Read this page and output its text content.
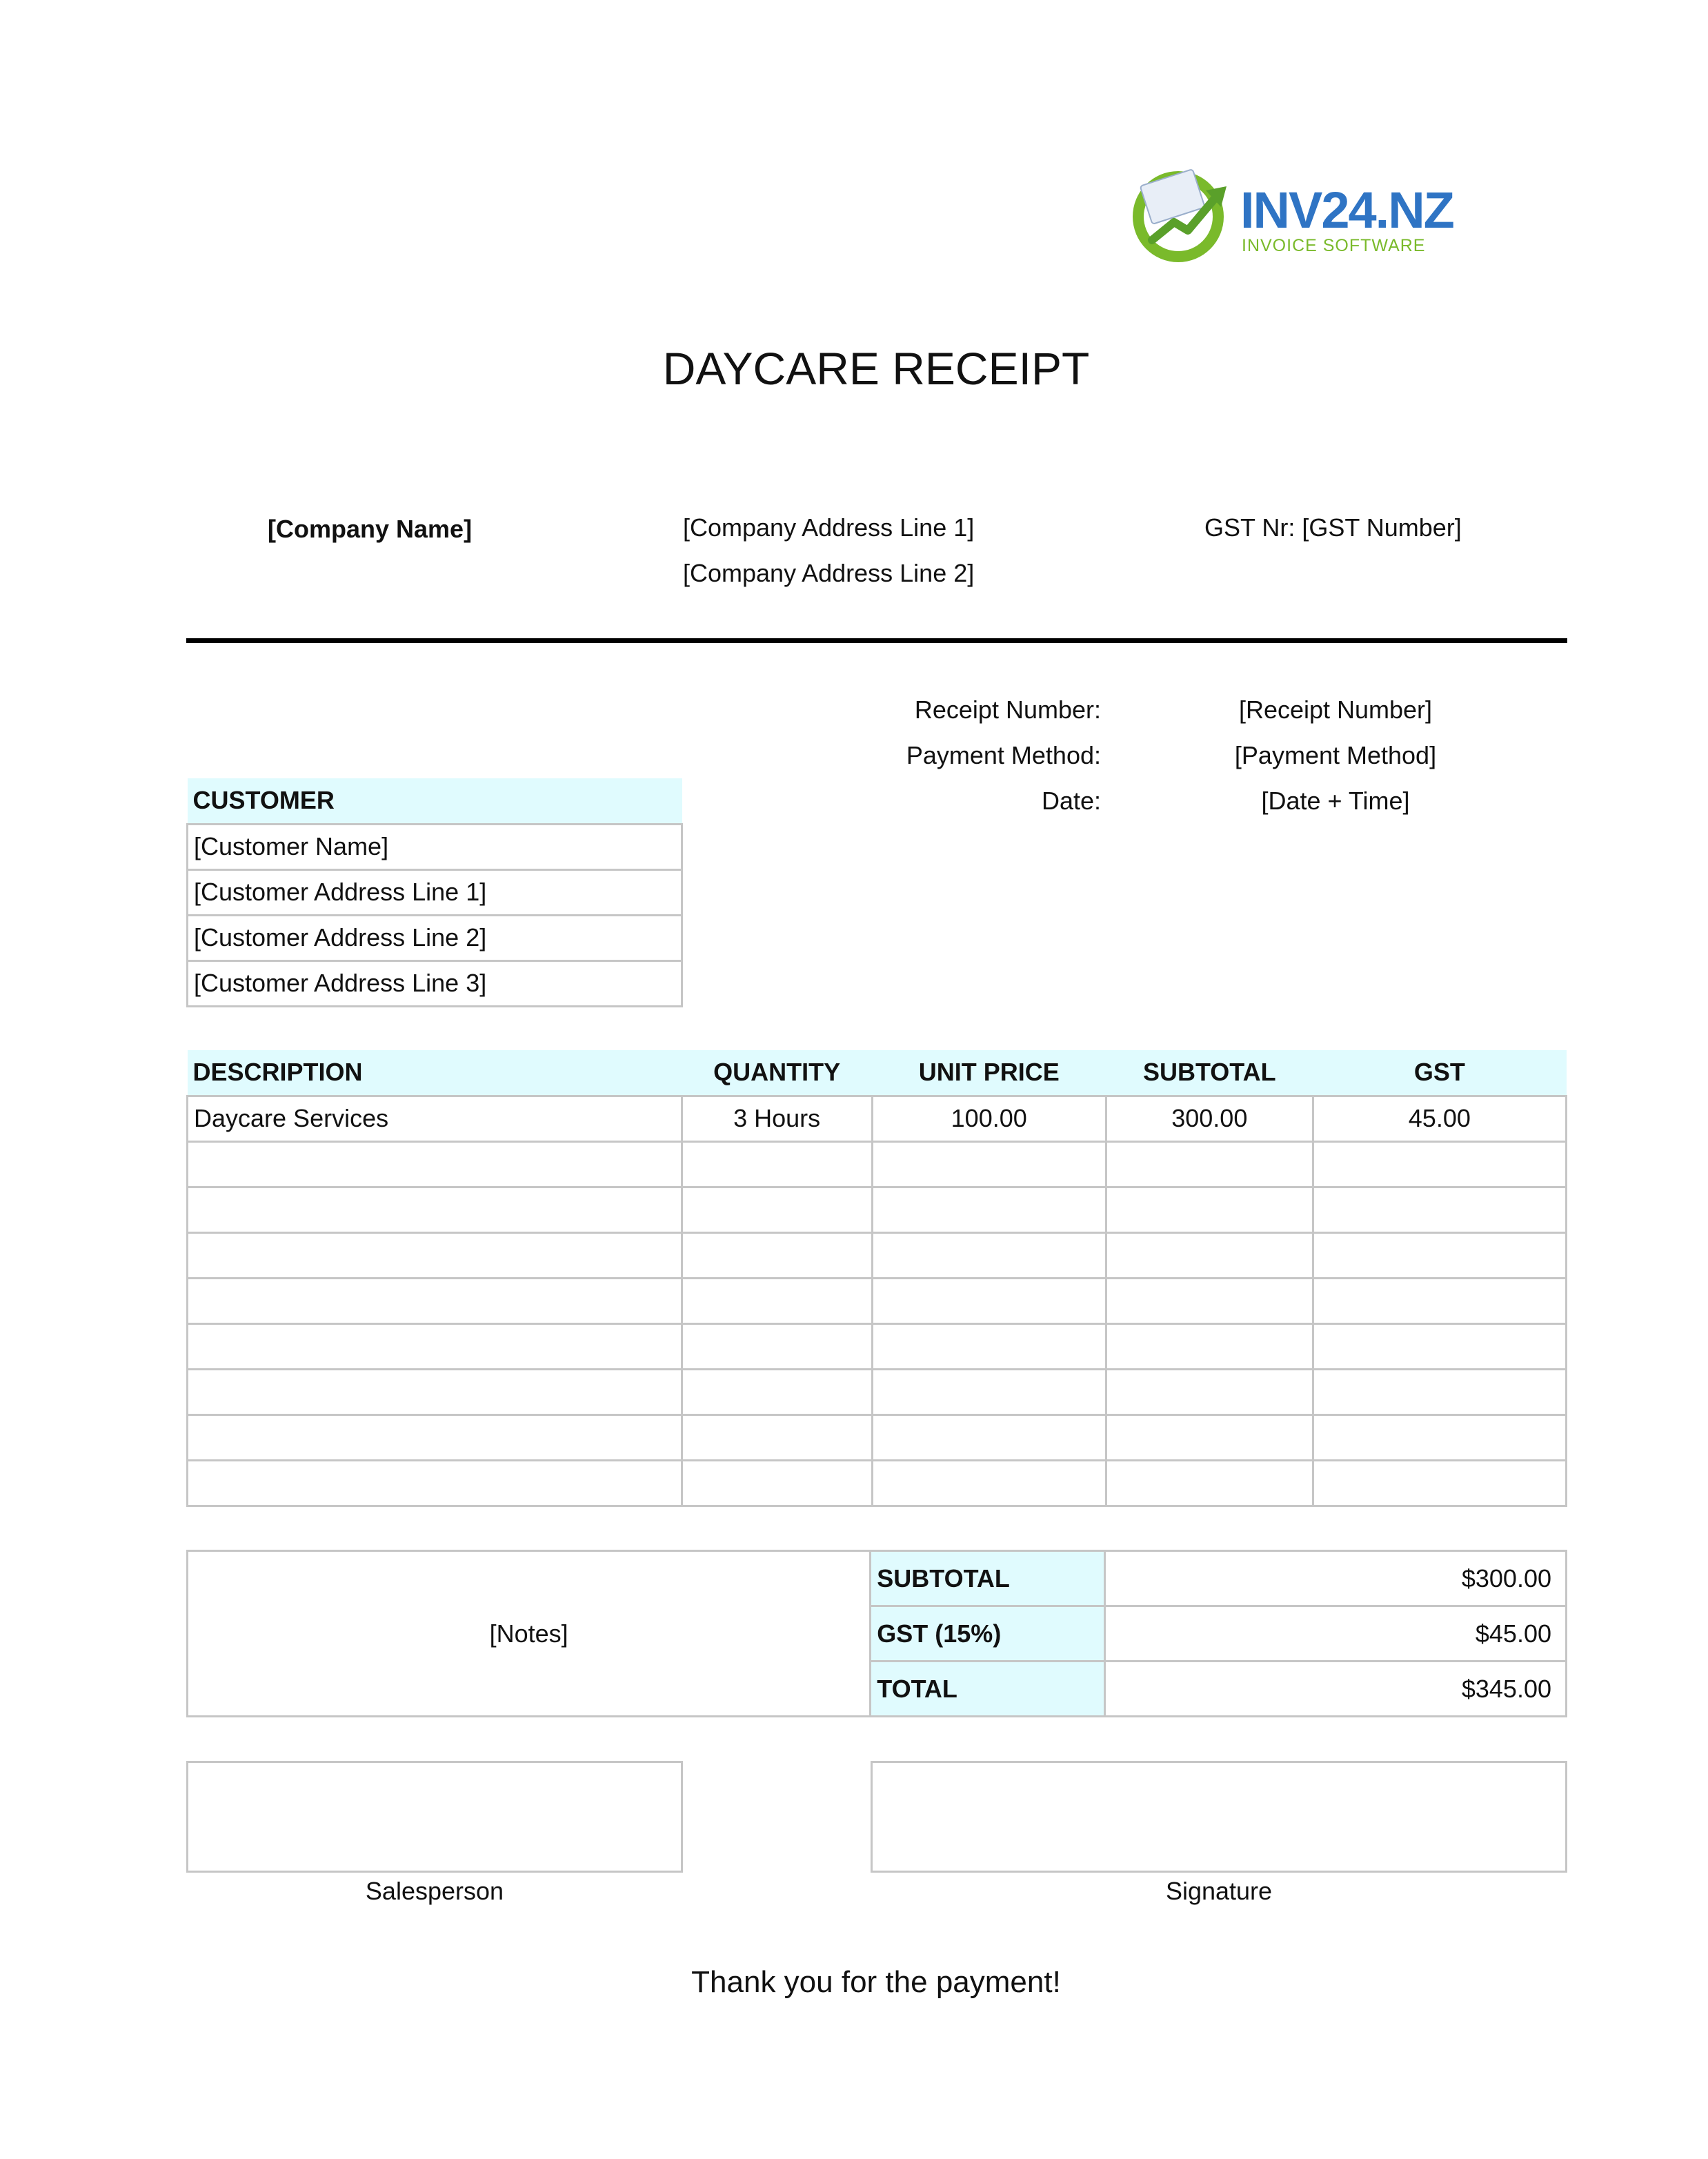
INV24.NZ
INVOICE SOFTWARE
DAYCARE RECEIPT
[Company Name]	[Company Address Line 1]
[Company Address Line 2]
GST Nr: [GST Number]
Receipt Number:	[Receipt Number]
Payment Method:	[Payment Method]
Date:	[Date + Time]
CUSTOMER
[Customer Name]
[Customer Address Line 1]
[Customer Address Line 2]
[Customer Address Line 3]
DESCRIPTION	QUANTITY	UNIT PRICE	SUBTOTAL	GST
Daycare Services	3 Hours	100.00	300.00	45.00

[Notes]	SUBTOTAL	$300.00
	GST (15%)	$45.00
	TOTAL	$345.00
Salesperson	Signature
Thank you for the payment!
